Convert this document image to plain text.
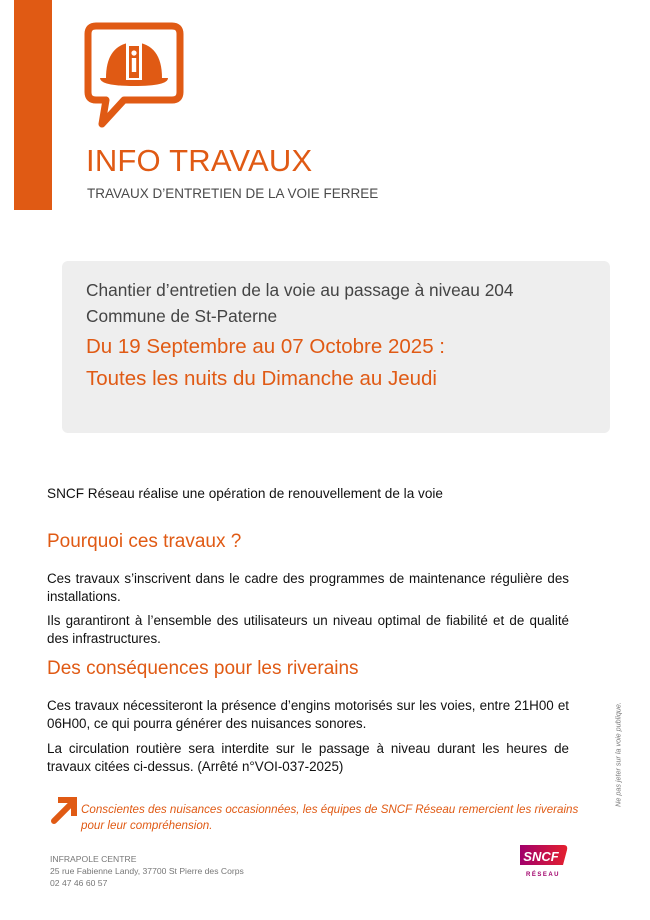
INFO TRAVAUX
TRAVAUX D’ENTRETIEN DE LA VOIE FERREE
Chantier d’entretien de la voie au passage à niveau 204
Commune de St-Paterne
Du 19 Septembre au 07 Octobre 2025 :
Toutes les nuits du Dimanche au Jeudi
SNCF Réseau réalise une opération de renouvellement de la voie
Pourquoi ces travaux ?
Ces travaux s’inscrivent dans le cadre des programmes de maintenance régulière des installations.
Ils garantiront à l’ensemble des utilisateurs un niveau optimal de fiabilité et de qualité des infrastructures.
Des conséquences pour les riverains
Ces travaux nécessiteront la présence d’engins motorisés sur les voies, entre 21H00 et 06H00, ce qui pourra générer des nuisances sonores.
La circulation routière sera interdite sur le passage à niveau durant les heures de travaux citées ci-dessus. (Arrêté n°VOI-037-2025)
Conscientes des nuisances occasionnées, les équipes de SNCF Réseau remercient les riverains pour leur compréhension.
INFRAPOLE CENTRE
25 rue Fabienne Landy, 37700 St Pierre des Corps
02 47 46 60 57
SNCF
RÉSEAU
Ne pas jeter sur la voie publique.
